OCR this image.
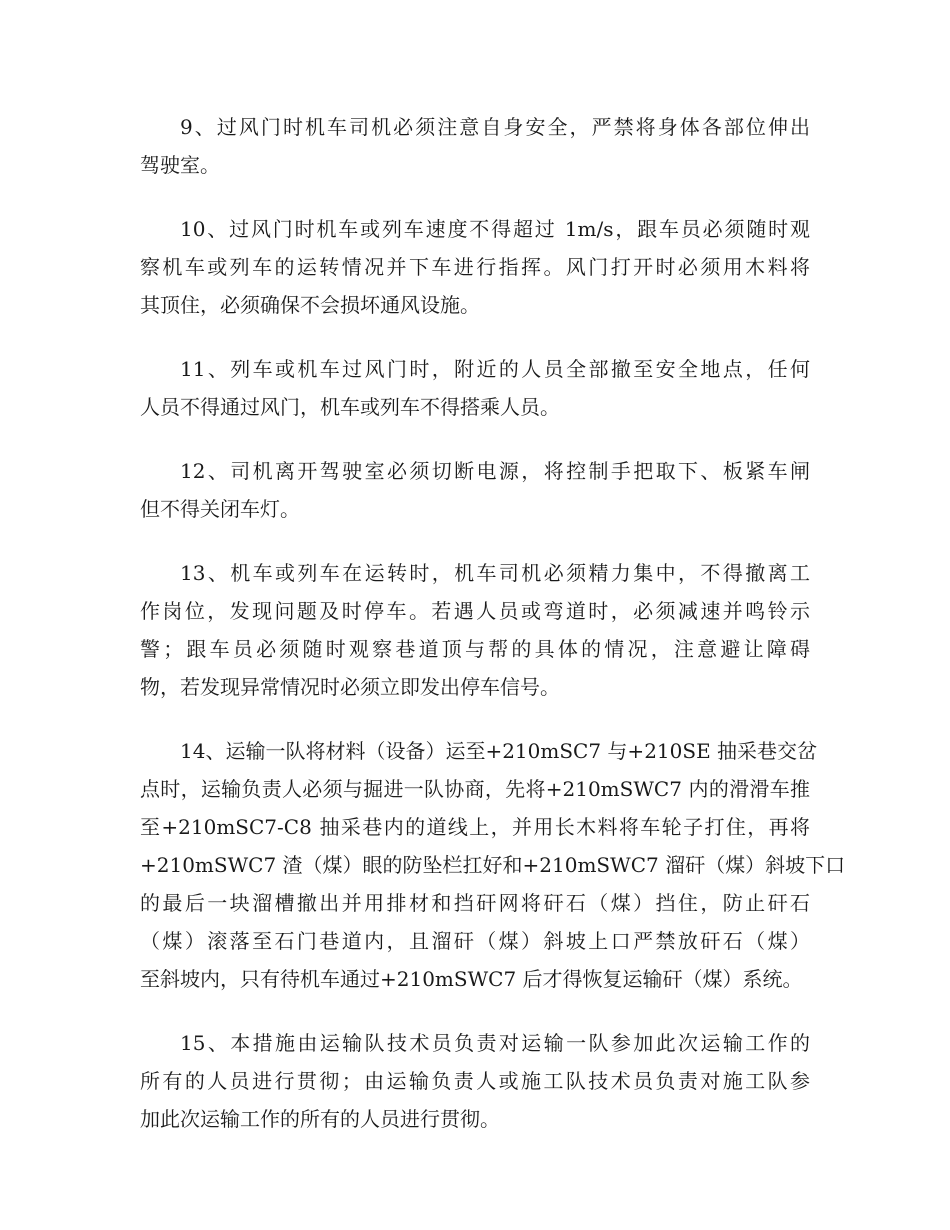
9、过风门时机车司机必须注意自身安全，严禁将身体各部位伸出
驾驶室。
10、过风门时机车或列车速度不得超过 1m/s，跟车员必须随时观
察机车或列车的运转情况并下车进行指挥。风门打开时必须用木料将
其顶住，必须确保不会损坏通风设施。
11、列车或机车过风门时，附近的人员全部撤至安全地点，任何
人员不得通过风门，机车或列车不得搭乘人员。
12、司机离开驾驶室必须切断电源，将控制手把取下、板紧车闸
但不得关闭车灯。
13、机车或列车在运转时，机车司机必须精力集中，不得撤离工
作岗位，发现问题及时停车。若遇人员或弯道时，必须减速并鸣铃示
警；跟车员必须随时观察巷道顶与帮的具体的情况，注意避让障碍
物，若发现异常情况时必须立即发出停车信号。
14、运输一队将材料（设备）运至+210mSC7 与+210SE 抽采巷交岔
点时，运输负责人必须与掘进一队协商，先将+210mSWC7 内的滑滑车推
至+210mSC7-C8 抽采巷内的道线上，并用长木料将车轮子打住，再将
+210mSWC7 渣（煤）眼的防坠栏扛好和+210mSWC7 溜矸（煤）斜坡下口
的最后一块溜槽撤出并用排材和挡矸网将矸石（煤）挡住，防止矸石
（煤）滚落至石门巷道内，且溜矸（煤）斜坡上口严禁放矸石（煤）
至斜坡内，只有待机车通过+210mSWC7 后才得恢复运输矸（煤）系统。
15、本措施由运输队技术员负责对运输一队参加此次运输工作的
所有的人员进行贯彻；由运输负责人或施工队技术员负责对施工队参
加此次运输工作的所有的人员进行贯彻。
